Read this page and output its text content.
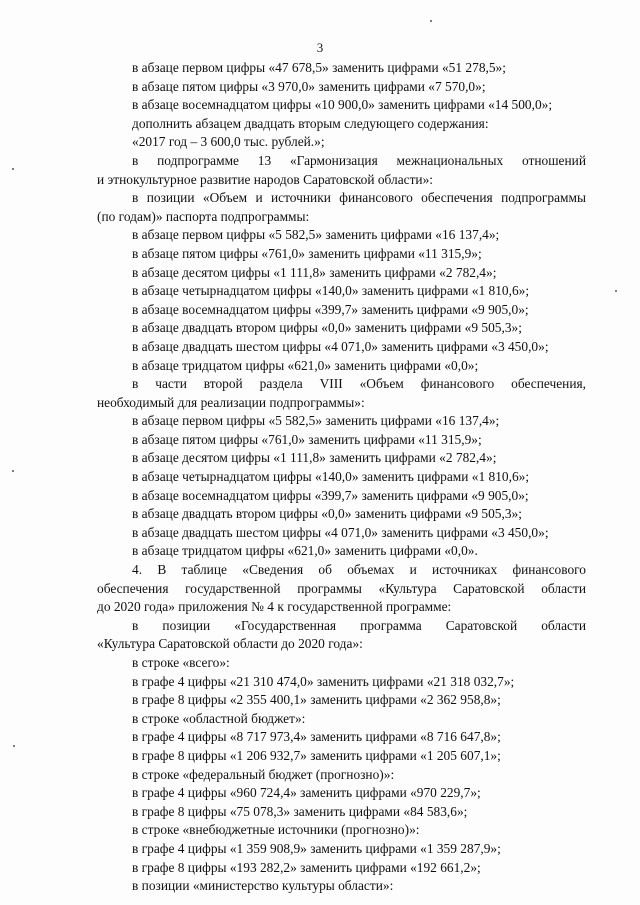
3
в абзаце первом цифры «47 678,5» заменить цифрами «51 278,5»;
в абзаце пятом цифры «3 970,0» заменить цифрами «7 570,0»;
в абзаце восемнадцатом цифры «10 900,0» заменить цифрами «14 500,0»;
дополнить абзацем двадцать вторым следующего содержания:
«2017 год – 3 600,0 тыс. рублей.»;
в подпрограмме 13 «Гармонизация межнациональных отношений
и этнокультурное развитие народов Саратовской области»:
в позиции «Объем и источники финансового обеспечения подпрограммы
(по годам)» паспорта подпрограммы:
в абзаце первом цифры «5 582,5» заменить цифрами «16 137,4»;
в абзаце пятом цифры «761,0» заменить цифрами «11 315,9»;
в абзаце десятом цифры «1 111,8» заменить цифрами «2 782,4»;
в абзаце четырнадцатом цифры «140,0» заменить цифрами «1 810,6»;
в абзаце восемнадцатом цифры «399,7» заменить цифрами «9 905,0»;
в абзаце двадцать втором цифры «0,0» заменить цифрами «9 505,3»;
в абзаце двадцать шестом цифры «4 071,0» заменить цифрами «3 450,0»;
в абзаце тридцатом цифры «621,0» заменить цифрами «0,0»;
в части второй раздела VIII «Объем финансового обеспечения,
необходимый для реализации подпрограммы»:
в абзаце первом цифры «5 582,5» заменить цифрами «16 137,4»;
в абзаце пятом цифры «761,0» заменить цифрами «11 315,9»;
в абзаце десятом цифры «1 111,8» заменить цифрами «2 782,4»;
в абзаце четырнадцатом цифры «140,0» заменить цифрами «1 810,6»;
в абзаце восемнадцатом цифры «399,7» заменить цифрами «9 905,0»;
в абзаце двадцать втором цифры «0,0» заменить цифрами «9 505,3»;
в абзаце двадцать шестом цифры «4 071,0» заменить цифрами «3 450,0»;
в абзаце тридцатом цифры «621,0» заменить цифрами «0,0».
4. В таблице «Сведения об объемах и источниках финансового
обеспечения государственной программы «Культура Саратовской области
до 2020 года» приложения № 4 к государственной программе:
в позиции «Государственная программа Саратовской области
«Культура Саратовской области до 2020 года»:
в строке «всего»:
в графе 4 цифры «21 310 474,0» заменить цифрами «21 318 032,7»;
в графе 8 цифры «2 355 400,1» заменить цифрами «2 362 958,8»;
в строке «областной бюджет»:
в графе 4 цифры «8 717 973,4» заменить цифрами «8 716 647,8»;
в графе 8 цифры «1 206 932,7» заменить цифрами «1 205 607,1»;
в строке «федеральный бюджет (прогнозно)»:
в графе 4 цифры «960 724,4» заменить цифрами «970 229,7»;
в графе 8 цифры «75 078,3» заменить цифрами «84 583,6»;
в строке «внебюджетные источники (прогнозно)»:
в графе 4 цифры «1 359 908,9» заменить цифрами «1 359 287,9»;
в графе 8 цифры «193 282,2» заменить цифрами «192 661,2»;
в позиции «министерство культуры области»:
